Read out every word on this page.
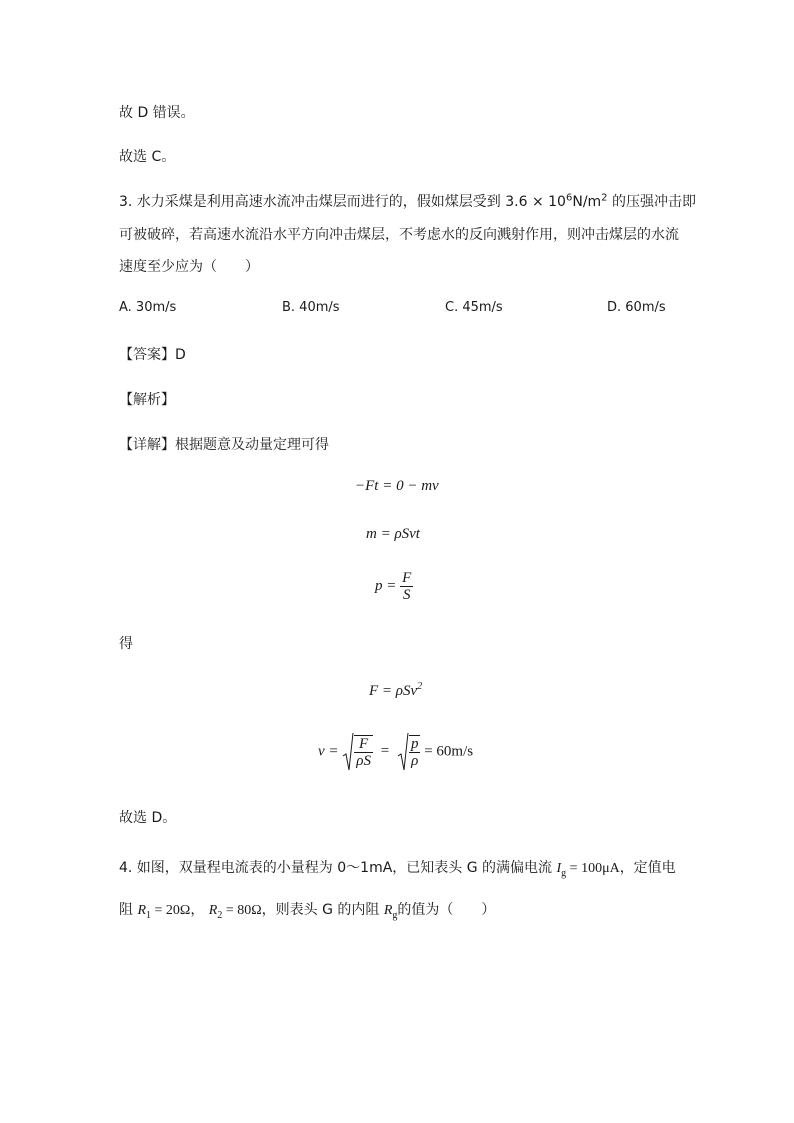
故 D 错误。
故选 C。
3. 水力采煤是利用高速水流冲击煤层而进行的，假如煤层受到 $3.6 \times 10^6N/m^2$ 的压强冲击即
可被破碎，若高速水流沿水平方向冲击煤层，不考虑水的反向溅射作用，则冲击煤层的水流
速度至少应为（　　）
A. 30m/s	B. 40m/s	C. 45m/s	D. 60m/s
【答案】D
【解析】
【详解】根据题意及动量定理可得
−Ft = 0 − mv
m = ρSvt
$p = \frac{F}{S}$
得
F = ρSv$^2$
$v = \frac{F}{\rho S} = \frac{p}{\rho} = 60m/s$
故选 D。
4. 如图，双量程电流表的小量程为 0～1mA，已知表头 G 的满偏电流 $I_g = 100\mu A$，定值电
阻 $R_1 = 20\Omega$， $R_2 = 80\Omega$，则表头 G 的内阻 $R_g$的值为（　　）
